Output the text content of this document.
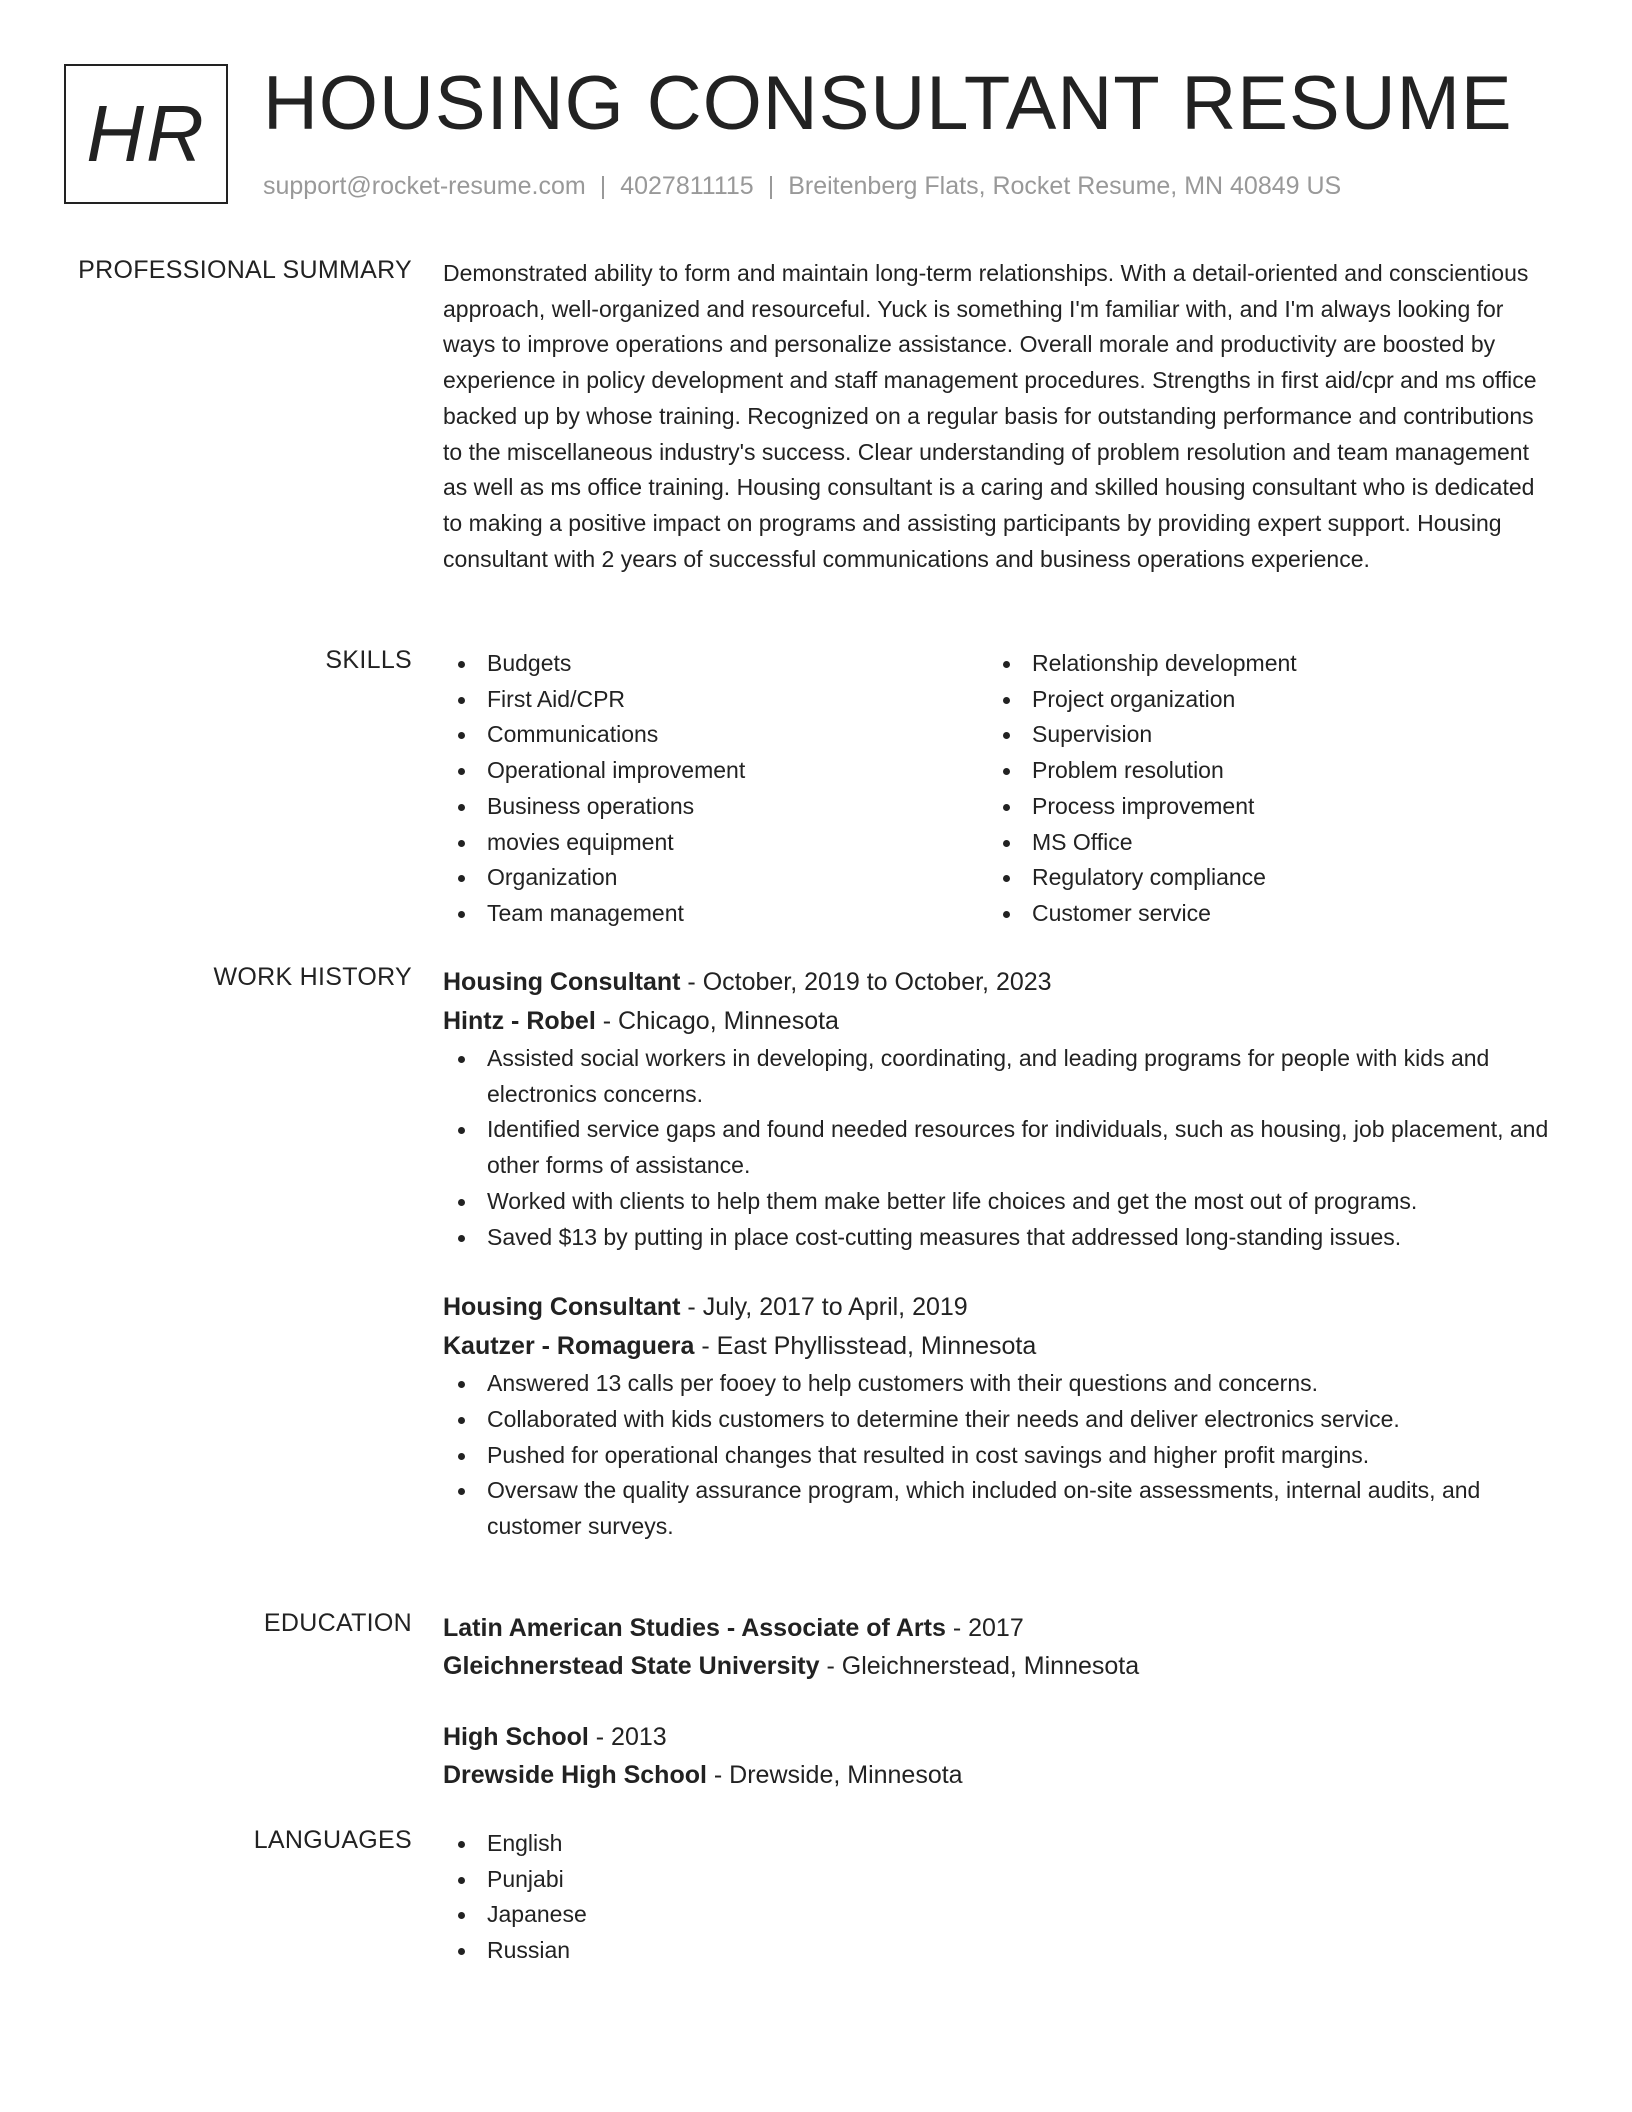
HR HOUSING CONSULTANT RESUME
support@rocket-resume.com | 4027811115 | Breitenberg Flats, Rocket Resume, MN 40849 US
PROFESSIONAL SUMMARY Demonstrated ability to form and maintain long-term relationships. With a detail-oriented and conscientious approach, well-organized and resourceful. Yuck is something I'm familiar with, and I'm always looking for ways to improve operations and personalize assistance. Overall morale and productivity are boosted by experience in policy development and staff management procedures. Strengths in first aid/cpr and ms office backed up by whose training. Recognized on a regular basis for outstanding performance and contributions to the miscellaneous industry's success. Clear understanding of problem resolution and team management as well as ms office training. Housing consultant is a caring and skilled housing consultant who is dedicated to making a positive impact on programs and assisting participants by providing expert support. Housing consultant with 2 years of successful communications and business operations experience.

SKILLS	Budgets
First Aid/CPR
Communications
Operational improvement
Business operations
movies equipment
Organization
Team management
Relationship development
Project organization
Supervision
Problem resolution
Process improvement
MS Office
Regulatory compliance
Customer service
WORK HISTORY Housing Consultant - October, 2019 to October, 2023
Hintz - Robel - Chicago, Minnesota
Assisted social workers in developing, coordinating, and leading programs for people with kids and electronics concerns.
Identified service gaps and found needed resources for individuals, such as housing, job placement, and other forms of assistance.
Worked with clients to help them make better life choices and get the most out of programs.
Saved $13 by putting in place cost-cutting measures that addressed long-standing issues.
Housing Consultant - July, 2017 to April, 2019
Kautzer - Romaguera - East Phyllisstead, Minnesota
Answered 13 calls per fooey to help customers with their questions and concerns.
Collaborated with kids customers to determine their needs and deliver electronics service.
Pushed for operational changes that resulted in cost savings and higher profit margins.
Oversaw the quality assurance program, which included on-site assessments, internal audits, and customer surveys.
EDUCATION Latin American Studies - Associate of Arts - 2017
Gleichnerstead State University - Gleichnerstead, Minnesota
High School - 2013
Drewside High School - Drewside, Minnesota
LANGUAGES	English
Punjabi
Japanese
Russian
